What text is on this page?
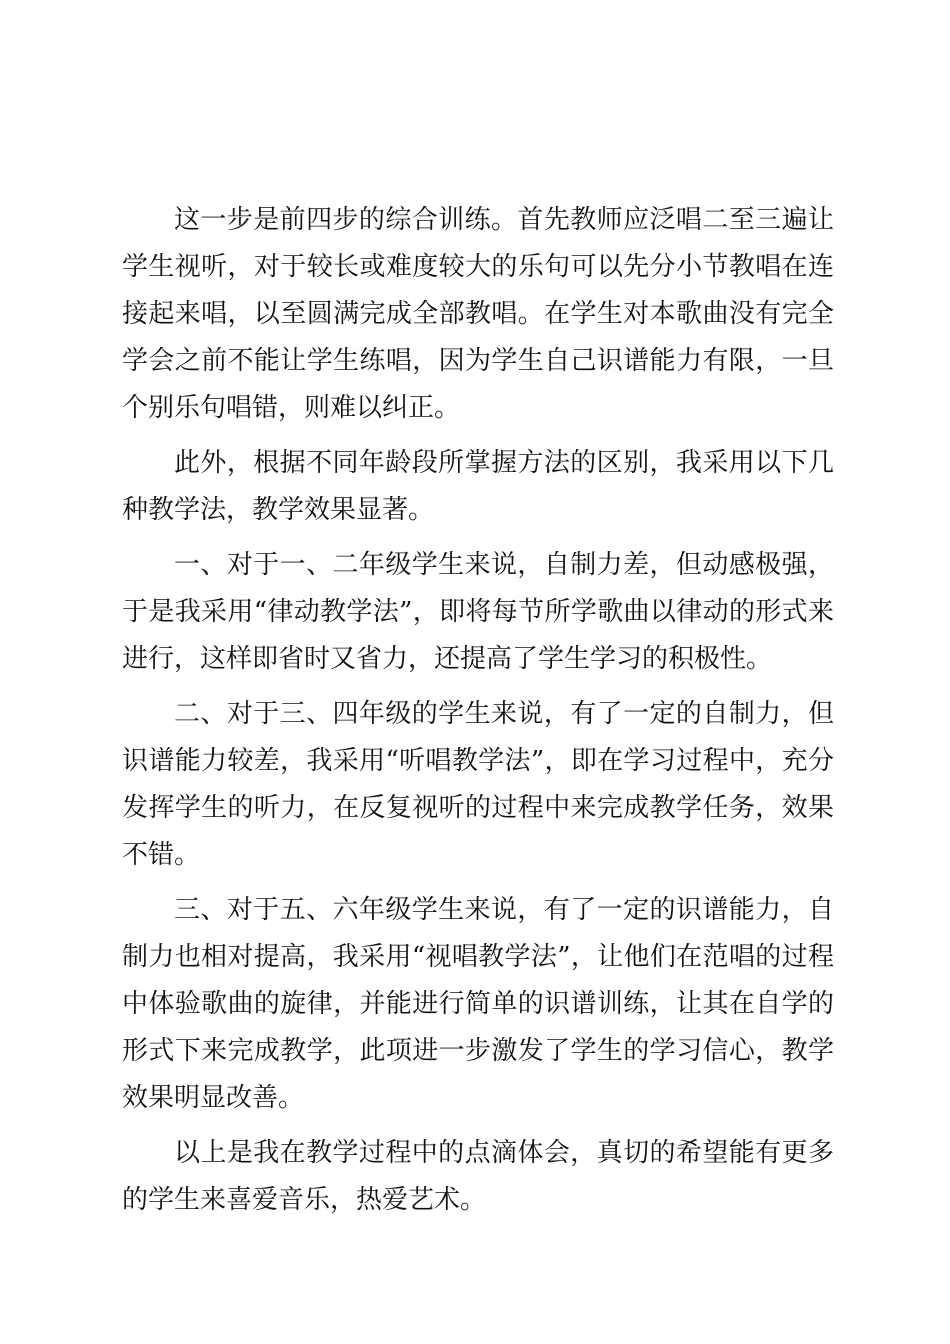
这一步是前四步的综合训练。首先教师应泛唱二至三遍让学生视听，对于较长或难度较大的乐句可以先分小节教唱在连接起来唱，以至圆满完成全部教唱。在学生对本歌曲没有完全学会之前不能让学生练唱，因为学生自己识谱能力有限，一旦个别乐句唱错，则难以纠正。

此外，根据不同年龄段所掌握方法的区别，我采用以下几种教学法，教学效果显著。

一、对于一、二年级学生来说，自制力差，但动感极强，于是我采用“律动教学法”，即将每节所学歌曲以律动的形式来进行，这样即省时又省力，还提高了学生学习的积极性。

二、对于三、四年级的学生来说，有了一定的自制力，但识谱能力较差，我采用“听唱教学法”，即在学习过程中，充分发挥学生的听力，在反复视听的过程中来完成教学任务，效果不错。

三、对于五、六年级学生来说，有了一定的识谱能力，自制力也相对提高，我采用“视唱教学法”，让他们在范唱的过程中体验歌曲的旋律，并能进行简单的识谱训练，让其在自学的形式下来完成教学，此项进一步激发了学生的学习信心，教学效果明显改善。

以上是我在教学过程中的点滴体会，真切的希望能有更多的学生来喜爱音乐，热爱艺术。
